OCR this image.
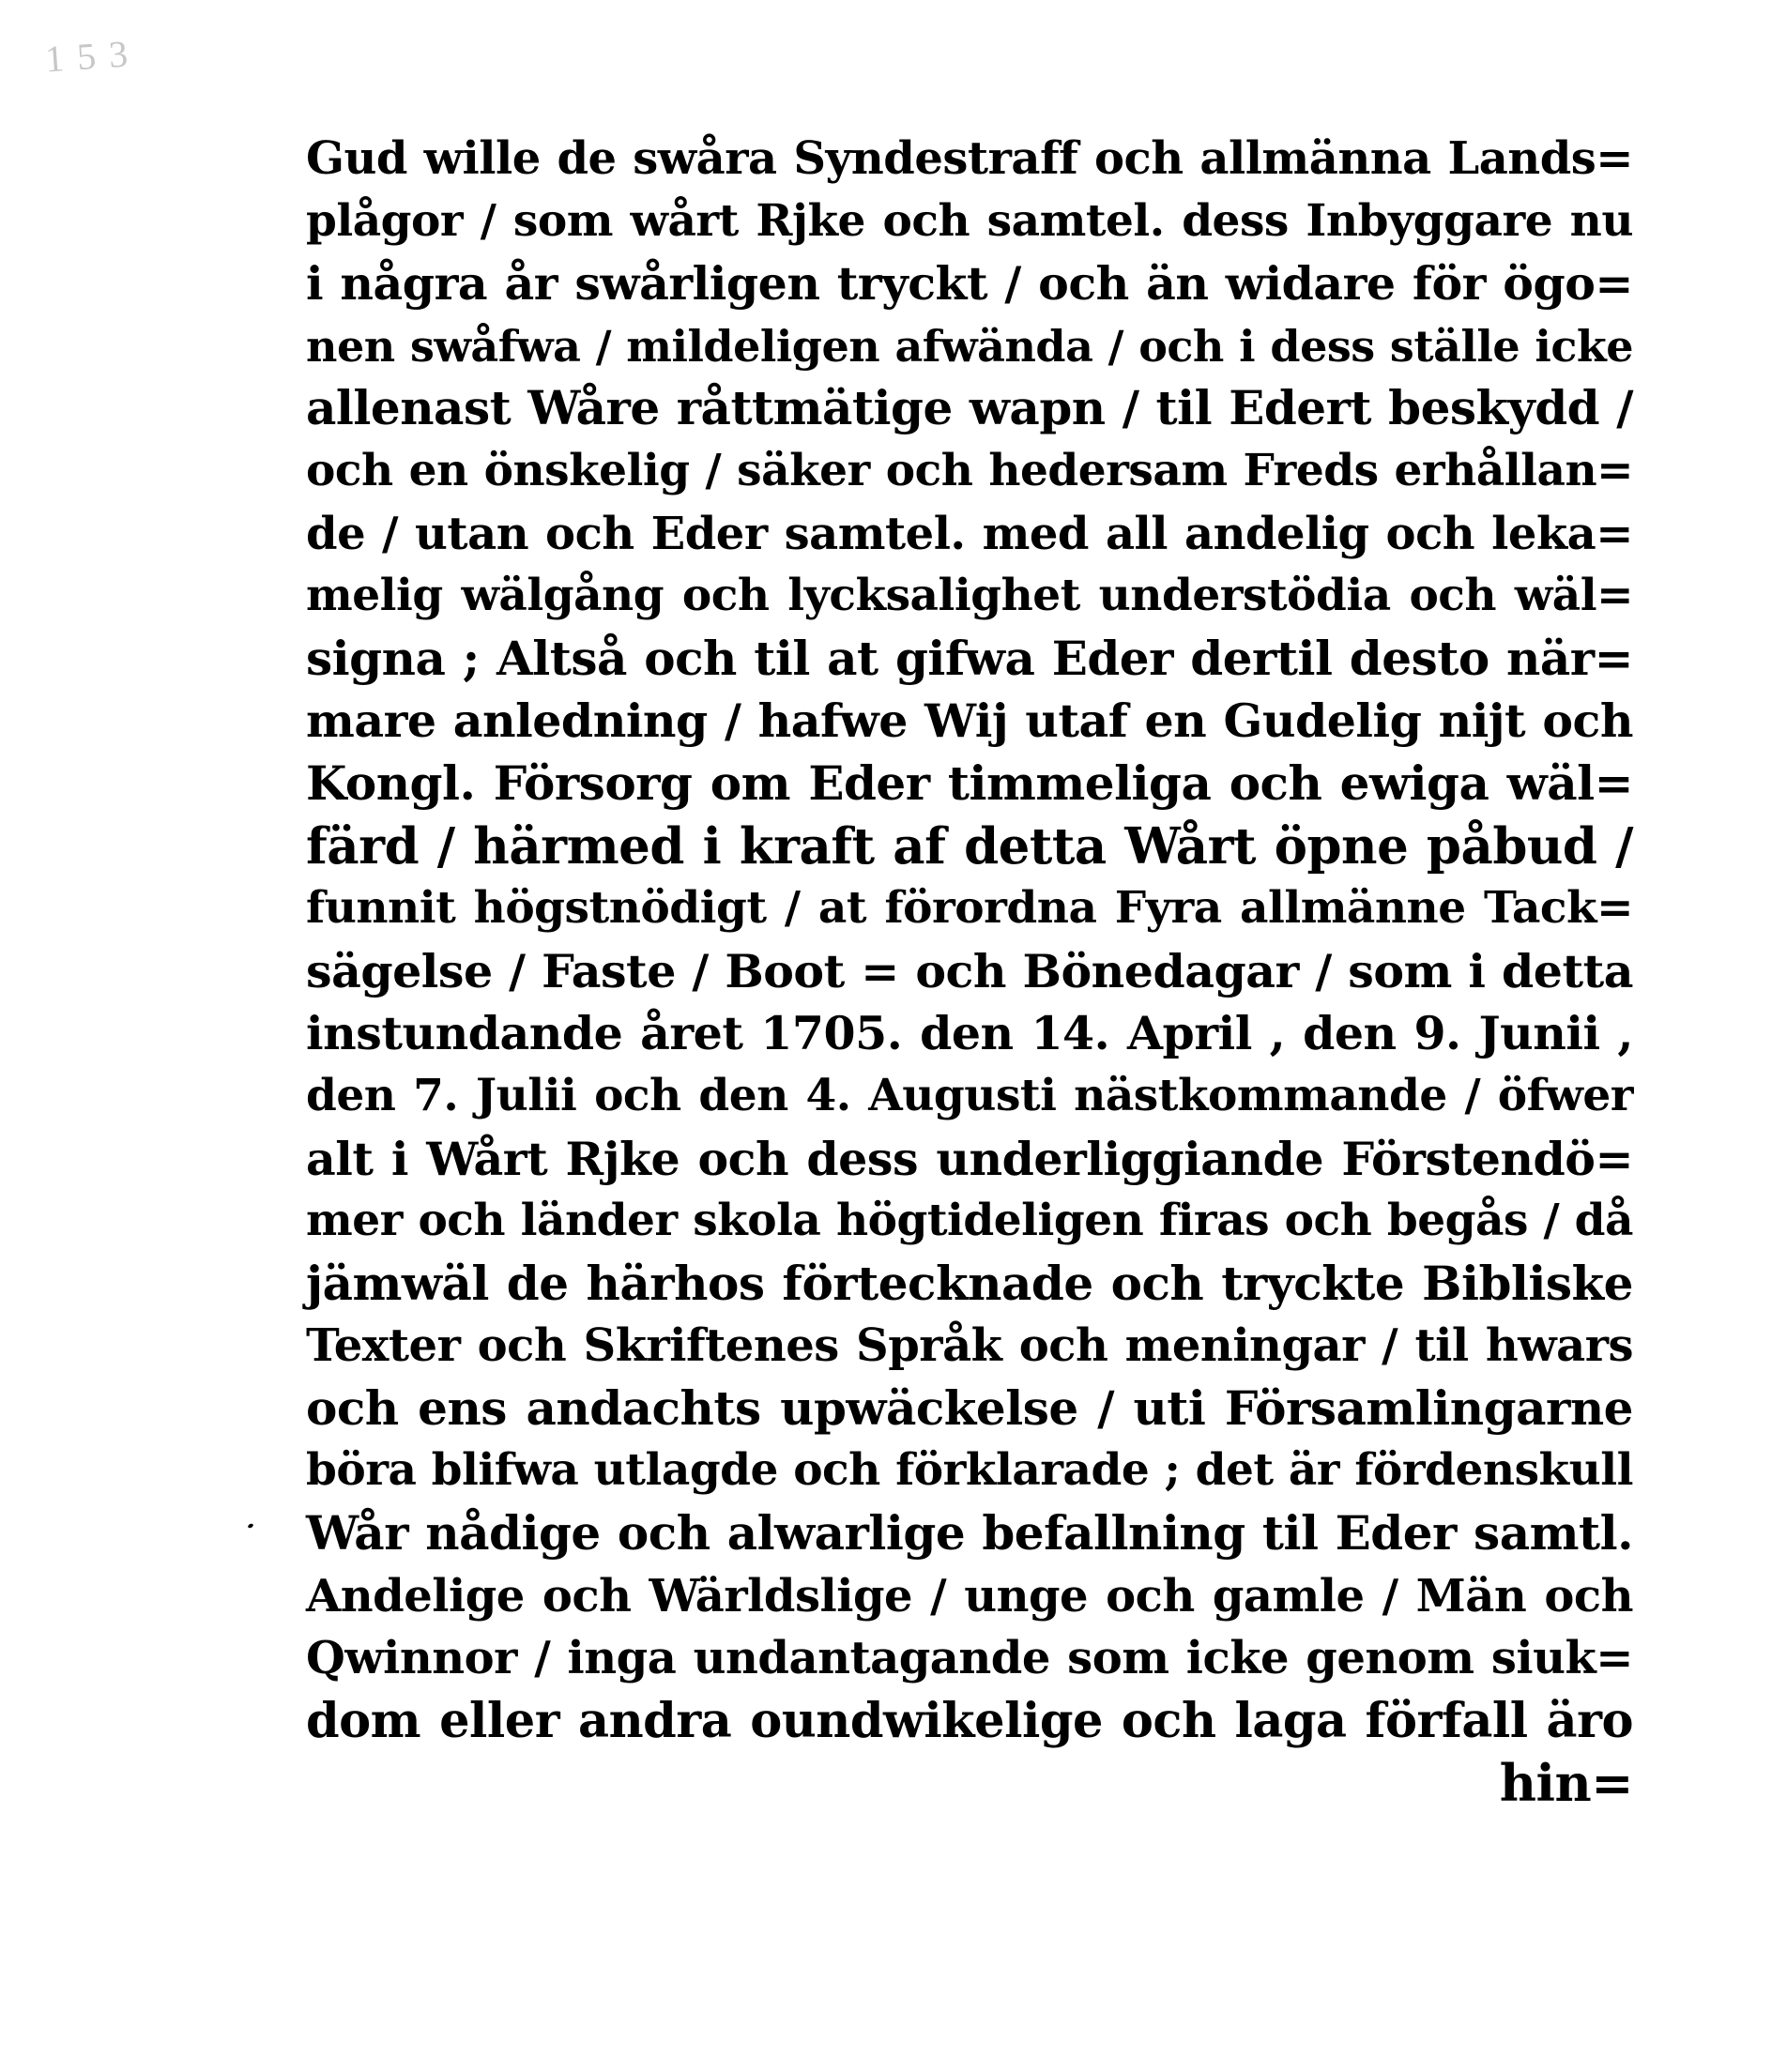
153
Gud wille de swåra Syndestraff och allmänna Lands=
plågor / som wårt Rjke och samtel. dess Inbyggare nu
i några år swårligen tryckt / och än widare för ögo=
nen swåfwa / mildeligen afwända / och i dess ställe icke
allenast Wåre råttmätige wapn / til Edert beskydd /
och en önskelig / säker och hedersam Freds erhållan=
de / utan och Eder samtel. med all andelig och leka=
melig wälgång och lycksalighet understödia och wäl=
signa ; Altså och til at gifwa Eder dertil desto när=
mare anledning / hafwe Wij utaf en Gudelig nijt och
Kongl. Försorg om Eder timmeliga och ewiga wäl=
färd / härmed i kraft af detta Wårt öpne påbud /
funnit högstnödigt / at förordna Fyra allmänne Tack=
sägelse / Faste / Boot = och Bönedagar / som i detta
instundande året 1705. den 14. April , den 9. Junii ,
den 7. Julii och den 4. Augusti nästkommande / öfwer
alt i Wårt Rjke och dess underliggiande Förstendö=
mer och länder skola högtideligen firas och begås / då
jämwäl de härhos förtecknade och tryckte Bibliske
Texter och Skriftenes Språk och meningar / til hwars
och ens andachts upwäckelse / uti Församlingarne
böra blifwa utlagde och förklarade ; det är fördenskull
Wår nådige och alwarlige befallning til Eder samtl.
Andelige och Wärldslige / unge och gamle / Män och
Qwinnor / inga undantagande som icke genom siuk=
dom eller andra oundwikelige och laga förfall äro
hin=
